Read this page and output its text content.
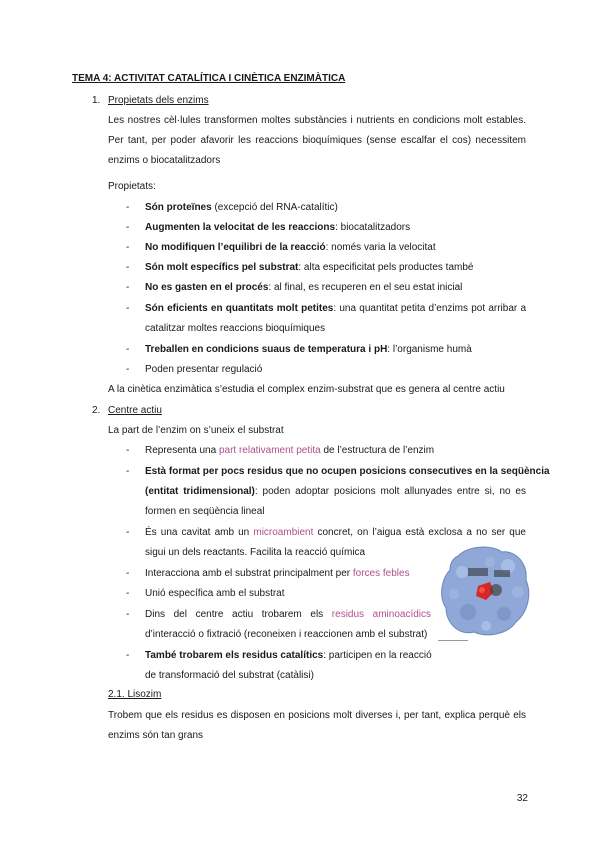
TEMA 4: ACTIVITAT CATALÍTICA I CINÈTICA ENZIMÀTICA
1. Propietats dels enzims
Les nostres cèl·lules transformen moltes substàncies i nutrients en condicions molt estables.
Per tant, per poder afavorir les reaccions bioquímiques (sense escalfar el cos) necessitem
enzims o biocatalitzadors
Propietats:
- Són proteïnes (excepció del RNA-catalític)
- Augmenten la velocitat de les reaccions: biocatalitzadors
- No modifiquen l’equilibri de la reacció: només varia la velocitat
- Són molt específics pel substrat: alta especificitat pels productes també
- No es gasten en el procés: al final, es recuperen en el seu estat inicial
- Són eficients en quantitats molt petites: una quantitat petita d’enzims pot arribar a
catalitzar moltes reaccions bioquímiques
- Treballen en condicions suaus de temperatura i pH: l’organisme humà
- Poden presentar regulació
A la cinètica enzimàtica s’estudia el complex enzim-substrat que es genera al centre actiu
2. Centre actiu
La part de l’enzim on s’uneix el substrat
- Representa una part relativament petita de l’estructura de l’enzim
- Està format per pocs residus que no ocupen posicions consecutives en la seqüència
(entitat tridimensional): poden adoptar posicions molt allunyades entre si, no es
formen en seqüència lineal
- És una cavitat amb un microambient concret, on l’aigua està exclosa a no ser que
sigui un dels reactants. Facilita la reacció química
- Interacciona amb el substrat principalment per forces febles
- Unió específica amb el substrat
- Dins del centre actiu trobarem els residus aminoacídics
d’interacció o fixtració (reconeixen i reaccionen amb el substrat)
- També trobarem els residus catalítics: participen en la reacció
de transformació del substrat (catàlisi)
2.1. Lisozim
Trobem que els residus es disposen en posicions molt diverses i, per tant, explica perquè els
enzims són tan grans
32
